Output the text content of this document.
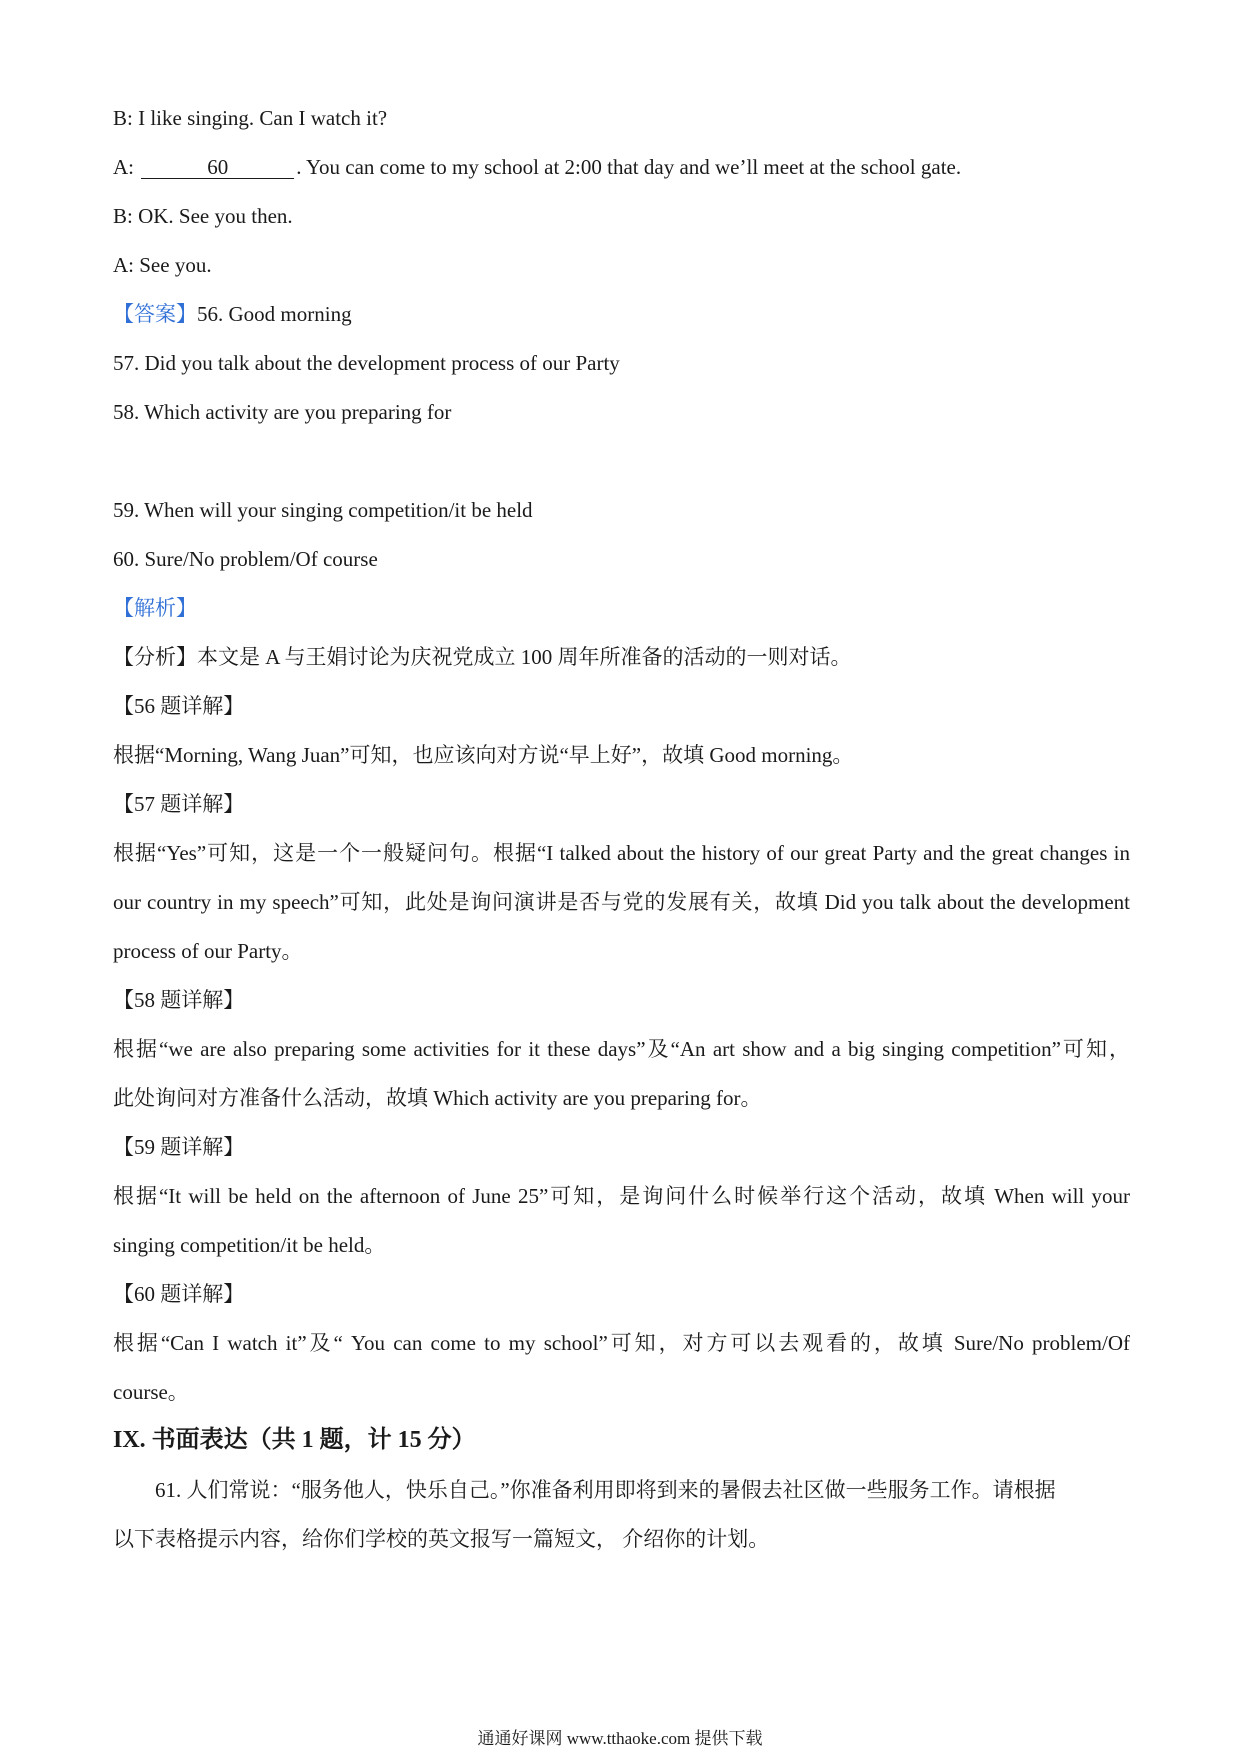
B: I like singing. Can I watch it?
A:	60	. You can come to my school at 2:00 that day and we’ll meet at the school gate.
B: OK. See you then.
A: See you.
【答案】56. Good morning
57. Did you talk about the development process of our Party
58. Which activity are you preparing for
59. When will your singing competition/it be held
60. Sure/No problem/Of course
【解析】
【分析】本文是 A 与王娟讨论为庆祝党成立 100 周年所准备的活动的一则对话。
【56 题详解】
根据“Morning, Wang Juan”可知，也应该向对方说“早上好”，故填 Good morning。
【57 题详解】
根据“Yes”可知，这是一个一般疑问句。根据“I talked about the history of our great Party and the great changes in
our country in my speech”可知，此处是询问演讲是否与党的发展有关，故填 Did you talk about the development
process of our Party。
【58 题详解】
根据“we are also preparing some activities for it these days”及“An art show and a big singing competition”可知，
此处询问对方准备什么活动，故填 Which activity are you preparing for。
【59 题详解】
根据“It will be held on the afternoon of June 25”可知，是询问什么时候举行这个活动，故填 When will your
singing competition/it be held。
【60 题详解】
根据“Can I watch it”及“ You can come to my school”可知，对方可以去观看的，故填 Sure/No problem/Of
course。
IX. 书面表达（共 1 题，计 15 分）
61. 人们常说：“服务他人，快乐自己。”你准备利用即将到来的暑假去社区做一些服务工作。请根据
以下表格提示内容，给你们学校的英文报写一篇短文， 介绍你的计划。
通通好课网 www.tthaoke.com 提供下载
